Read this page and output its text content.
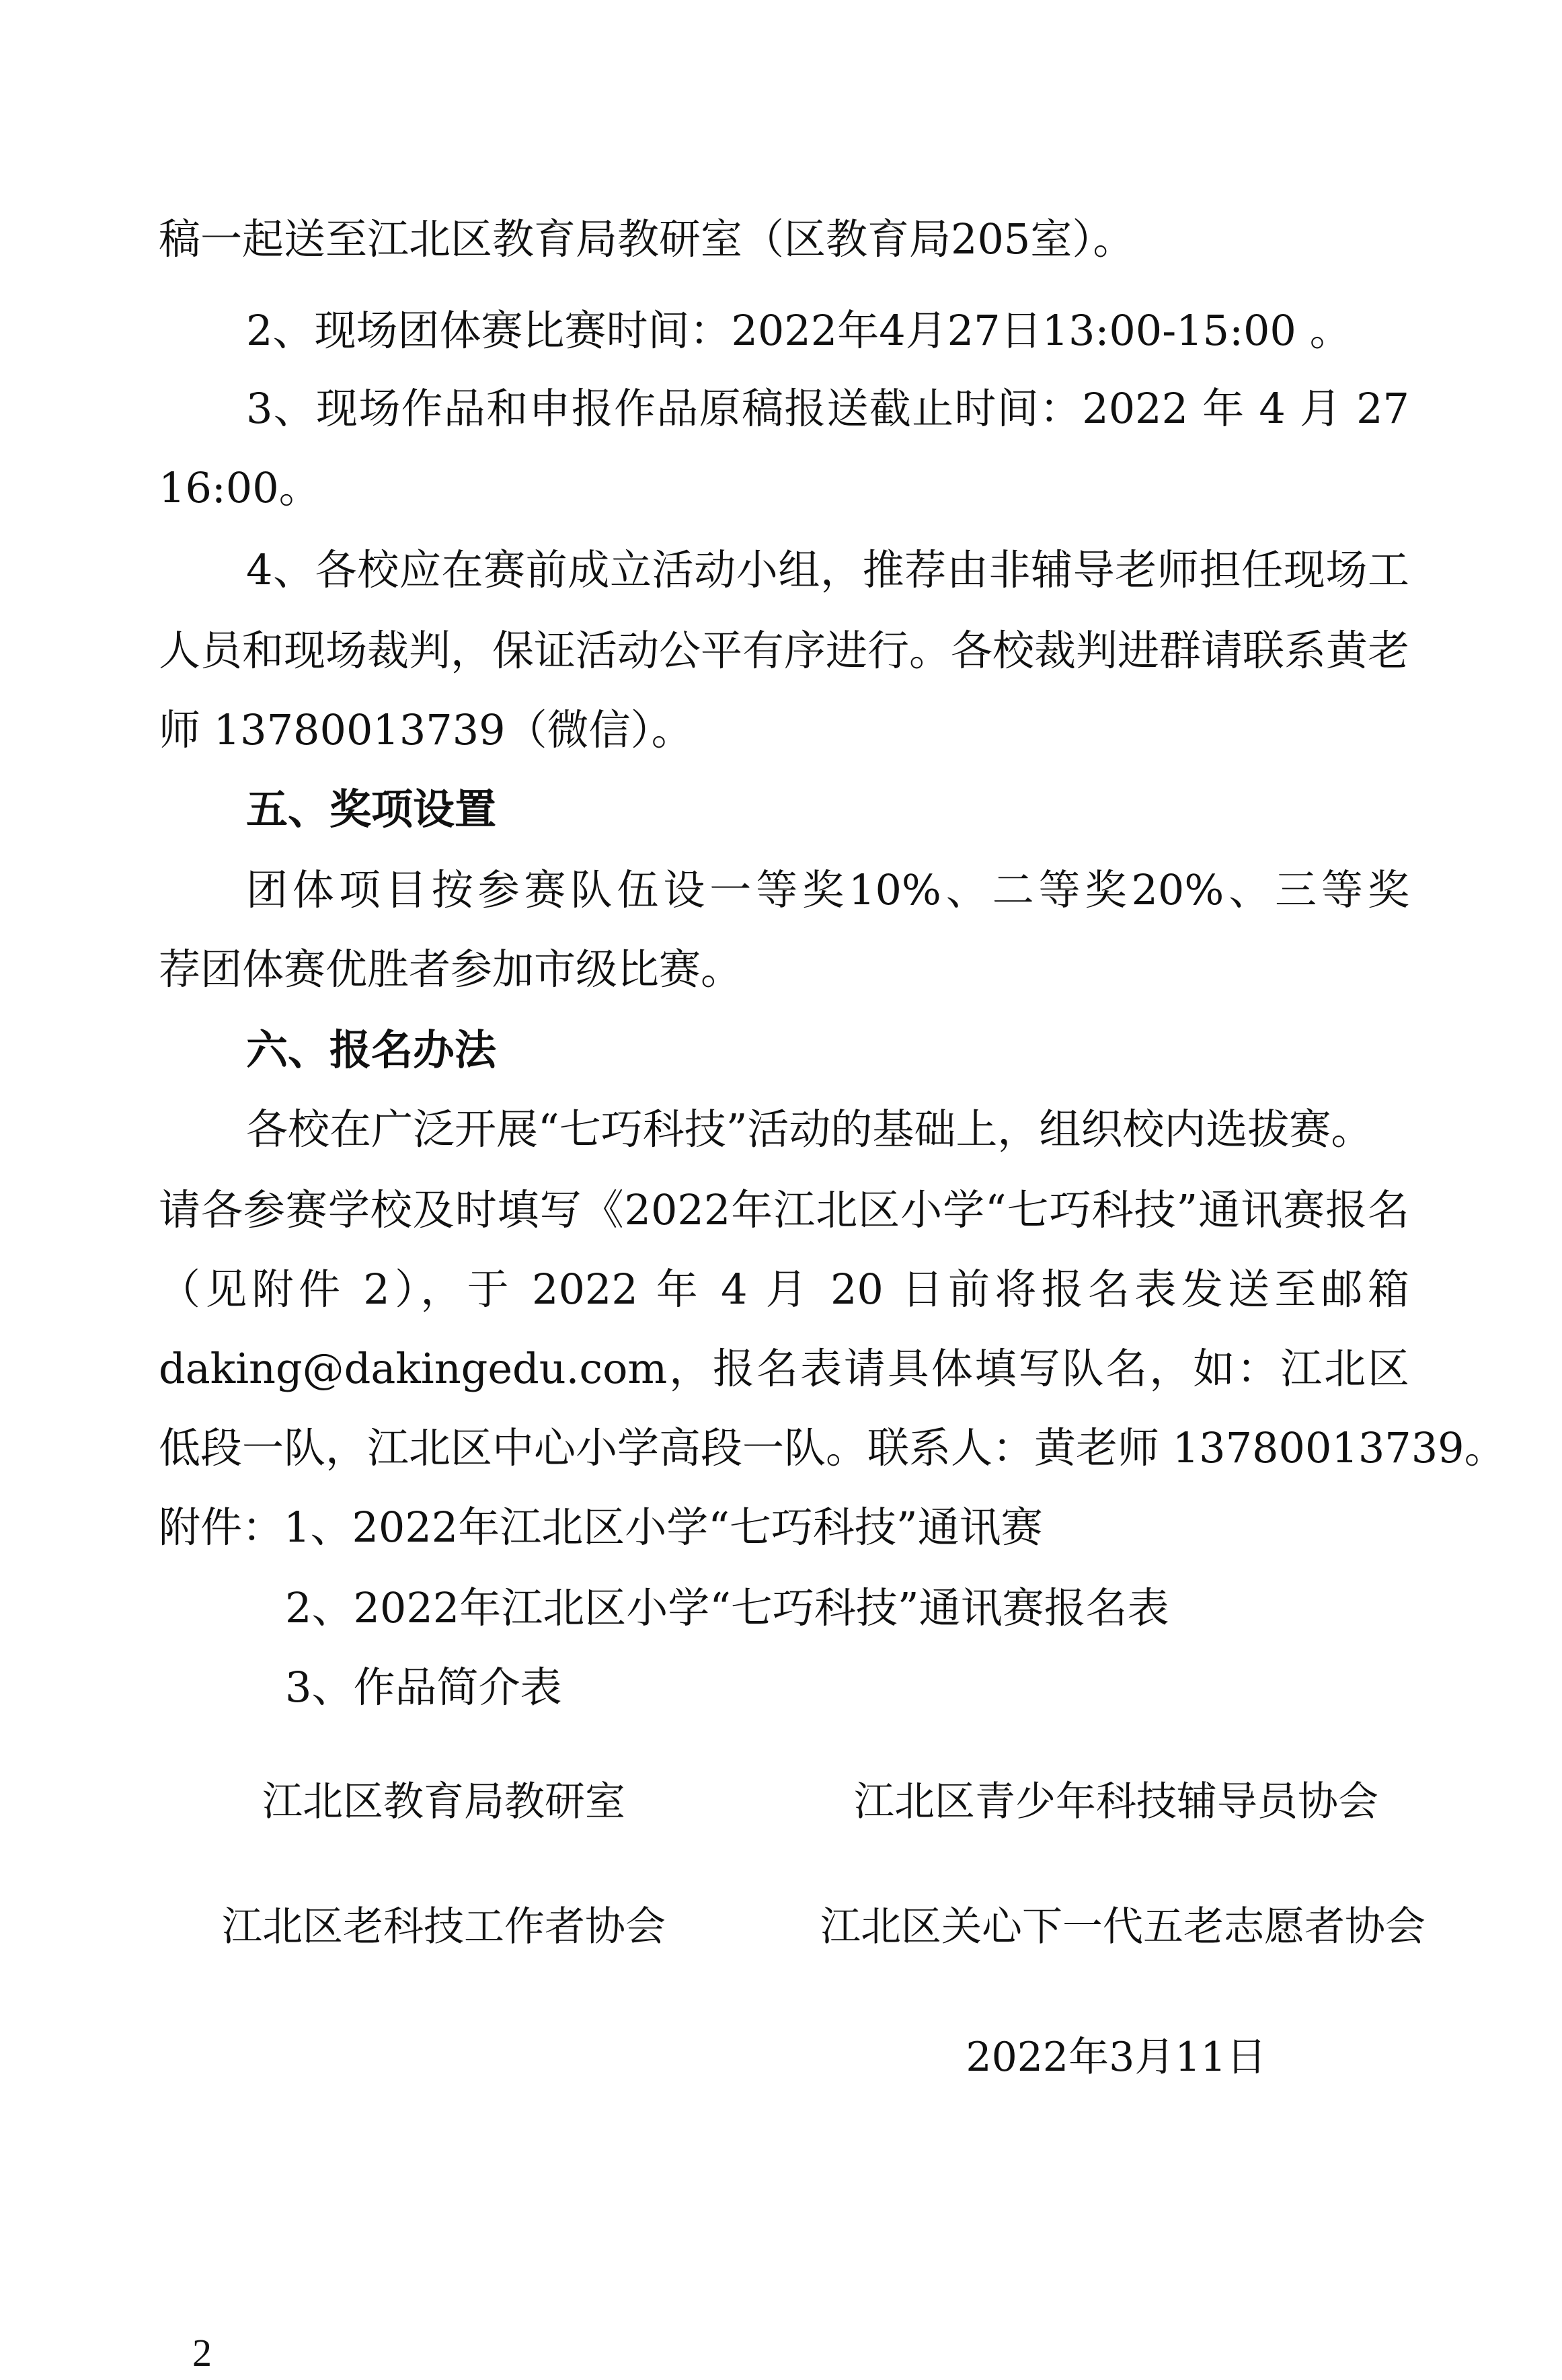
稿一起送至江北区教育局教研室（区教育局205室）。
2、现场团体赛比赛时间：2022年4月27日13:00-15:00 。
3、现场作品和申报作品原稿报送截止时间：2022 年 4 月 27
16:00。
4、各校应在赛前成立活动小组，推荐由非辅导老师担任现场工
人员和现场裁判，保证活动公平有序进行。各校裁判进群请联系黄老
师 13780013739（微信）。
五、奖项设置
团体项目按参赛队伍设一等奖10%、二等奖20%、三等奖
荐团体赛优胜者参加市级比赛。
六、报名办法
各校在广泛开展“七巧科技”活动的基础上，组织校内选拔赛。
请各参赛学校及时填写《2022年江北区小学“七巧科技”通讯赛报名
（见附件 2），于 2022 年 4 月 20 日前将报名表发送至邮箱
daking@dakingedu.com，报名表请具体填写队名，如：江北区
低段一队，江北区中心小学高段一队。联系人：黄老师 13780013739。
附件：1、2022年江北区小学“七巧科技”通讯赛
2、2022年江北区小学“七巧科技”通讯赛报名表
3、作品简介表
江北区教育局教研室	江北区青少年科技辅导员协会
江北区老科技工作者协会	江北区关心下一代五老志愿者协会
2022年3月11日
2
